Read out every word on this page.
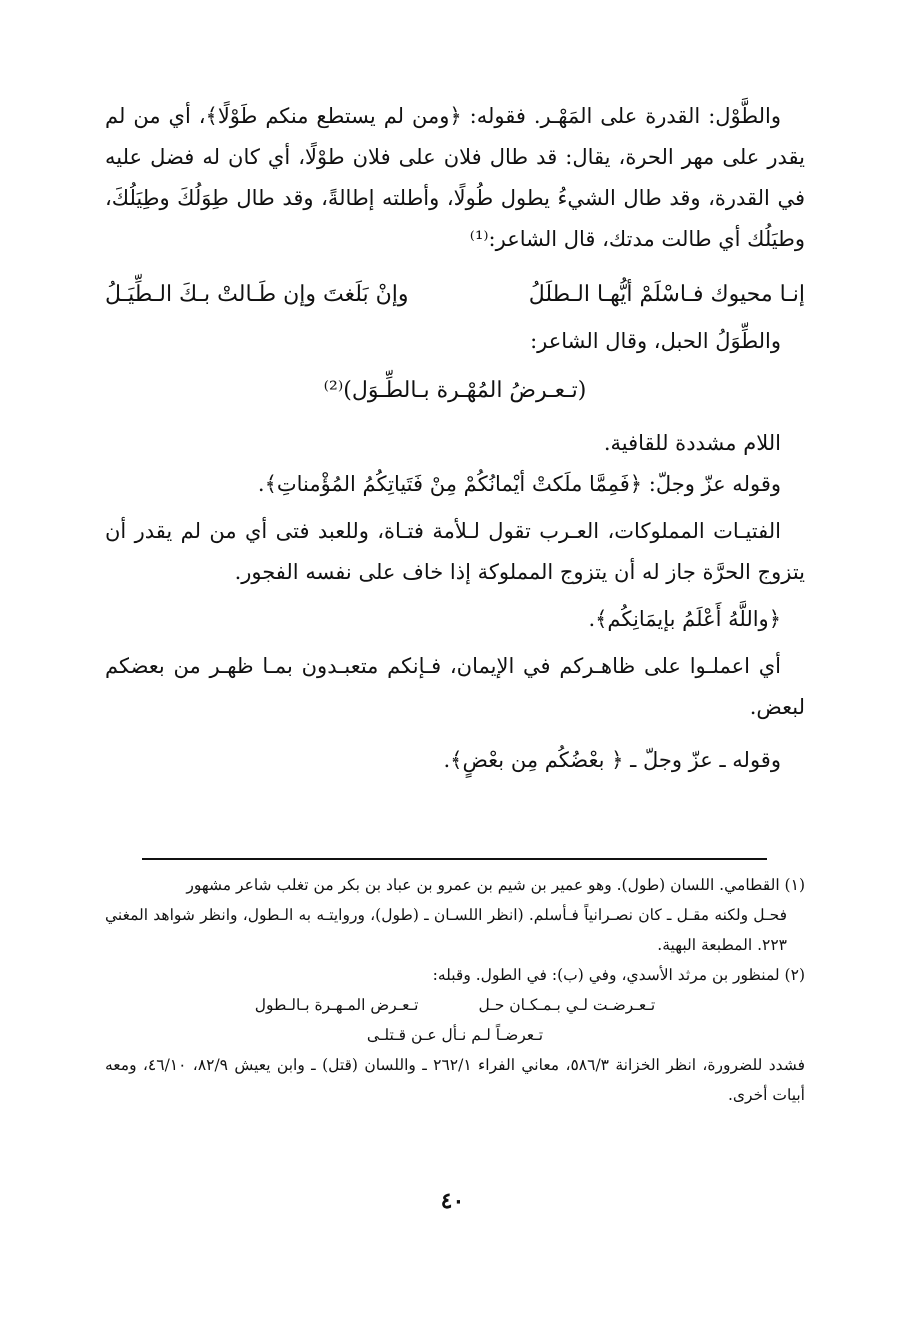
والطَّوْل: القدرة على المَهْـر. فقوله: ﴿ومن لم يستطع منكم طَوْلًا﴾، أي من لم يقدر على مهر الحرة، يقال: قد طال فلان على فلان طوْلًا، أي كان له فضل عليه في القدرة، وقد طال الشيءُ يطول طُولًا، وأطلته إطالةً، وقد طال طِوَلُكَ وطِيَلُكَ، وطيَلُك أي طالت مدتك، قال الشاعر:⁽¹⁾

إنـا محيوك فـاسْلَمْ أيُّهـا الـطلَلُ
وإنْ بَلَغتَ وإن طَـالتْ بـكَ الـطِّيَـلُ

والطِّوَلُ الحبل، وقال الشاعر:

(تـعـرضُ المُهْـرة بـالطِّـوَل)⁽²⁾

اللام مشددة للقافية.

وقوله عزّ وجلّ: ﴿فَمِمَّا ملَكتْ أيْمانُكُمْ مِنْ فَتَياتِكُمُ المُؤْمناتِ﴾.

الفتيـات المملوكات، العـرب تقول لـلأمة فتـاة، وللعبد فتى أي من لم يقدر أن يتزوج الحرَّة جاز له أن يتزوج المملوكة إذا خاف على نفسه الفجور.

﴿واللَّهُ أَعْلَمُ بإيمَانِكُم﴾.

أي اعملـوا على ظاهـركم في الإيمان، فـإنكم متعبـدون بمـا ظهـر من بعضكم لبعض.

وقوله ـ عزّ وجلّ ـ ﴿ بعْضُكُم مِن بعْضٍ﴾.

(١) القطامي. اللسان (طول). وهو عمير بن شيم بن عمرو بن عباد بن بكر من تغلب شاعر مشهور

فحـل ولكنه مقـل ـ كان نصـرانياً فـأسلم. (انظر اللسـان ـ (طول)، وروايتـه به الـطول، وانظر شواهد المغني ٢٢٣. المطبعة البهية.

(٢) لمنظور بن مرثد الأسدي، وفي (ب): في الطول. وقبله:

تـعـرضـت لـي بـمـكـان حـل
تـعـرض المـهـرة بـالـطول

تـعرضـاً لـم نـأل عـن قـتلـى

فشدد للضرورة، انظر الخزانة ٥٨٦/٣، معاني الفراء ٢٦٢/١ ـ واللسان (قتل) ـ وابن يعيش ٨٢/٩، ٤٦/١٠، ومعه أبيات أخرى.

٤٠
